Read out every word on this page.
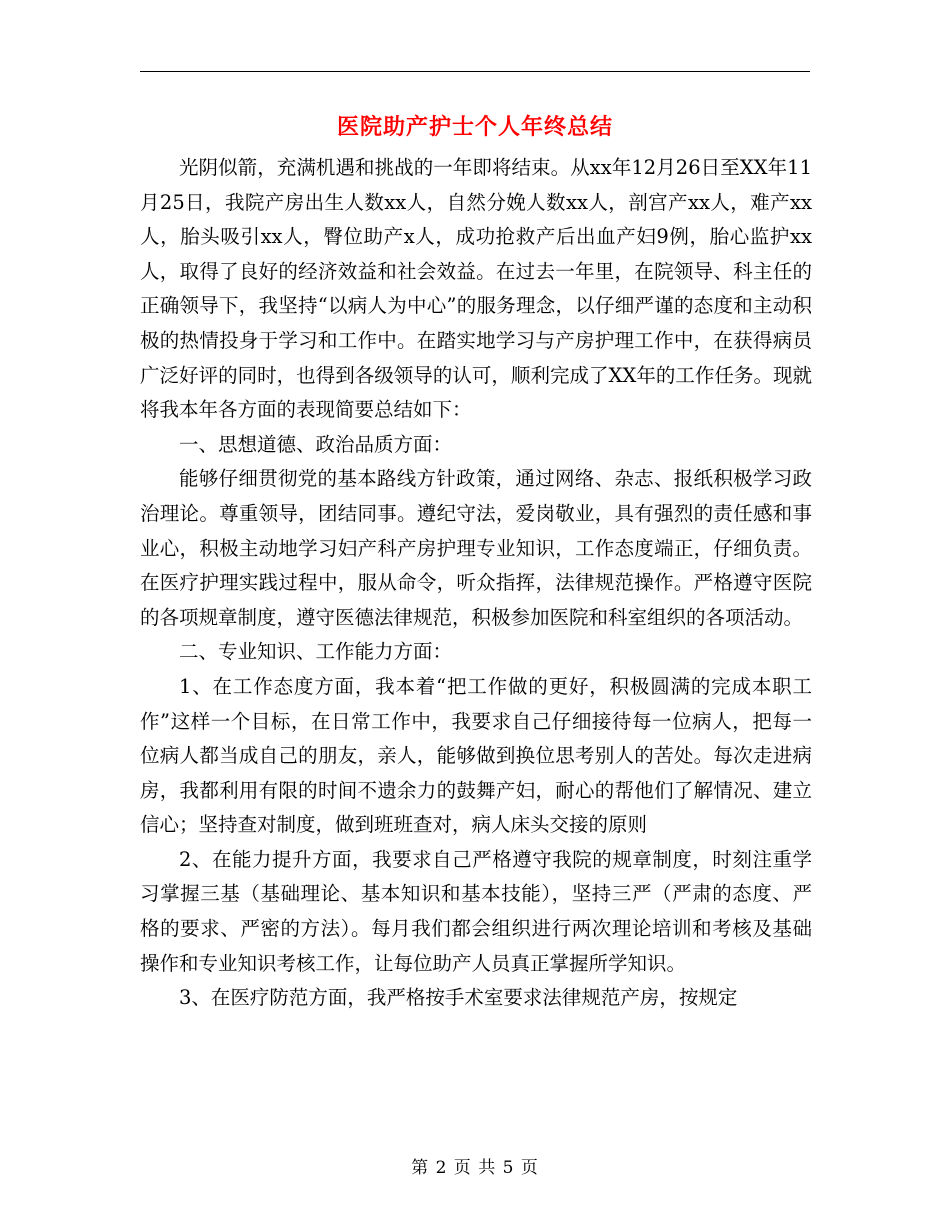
医院助产护士个人年终总结

光阴似箭，充满机遇和挑战的一年即将结束。从xx年12月26日至XX年11月25日，我院产房出生人数xx人，自然分娩人数xx人，剖宫产xx人，难产xx人，胎头吸引xx人，臀位助产x人，成功抢救产后出血产妇9例，胎心监护xx人，取得了良好的经济效益和社会效益。在过去一年里，在院领导、科主任的正确领导下，我坚持“以病人为中心”的服务理念，以仔细严谨的态度和主动积极的热情投身于学习和工作中。在踏实地学习与产房护理工作中，在获得病员广泛好评的同时，也得到各级领导的认可，顺利完成了XX年的工作任务。现就将我本年各方面的表现简要总结如下：

一、思想道德、政治品质方面：

能够仔细贯彻党的基本路线方针政策，通过网络、杂志、报纸积极学习政治理论。尊重领导，团结同事。遵纪守法，爱岗敬业，具有强烈的责任感和事业心，积极主动地学习妇产科产房护理专业知识，工作态度端正，仔细负责。在医疗护理实践过程中，服从命令，听众指挥，法律规范操作。严格遵守医院的各项规章制度，遵守医德法律规范，积极参加医院和科室组织的各项活动。

二、专业知识、工作能力方面：

1、在工作态度方面，我本着“把工作做的更好，积极圆满的完成本职工作”这样一个目标，在日常工作中，我要求自己仔细接待每一位病人，把每一位病人都当成自己的朋友，亲人，能够做到换位思考别人的苦处。每次走进病房，我都利用有限的时间不遗余力的鼓舞产妇，耐心的帮他们了解情况、建立信心；坚持查对制度，做到班班查对，病人床头交接的原则

2、在能力提升方面，我要求自己严格遵守我院的规章制度，时刻注重学习掌握三基（基础理论、基本知识和基本技能），坚持三严（严肃的态度、严格的要求、严密的方法）。每月我们都会组织进行两次理论培训和考核及基础操作和专业知识考核工作，让每位助产人员真正掌握所学知识。

3、在医疗防范方面，我严格按手术室要求法律规范产房，按规定

第 2 页 共 5 页
